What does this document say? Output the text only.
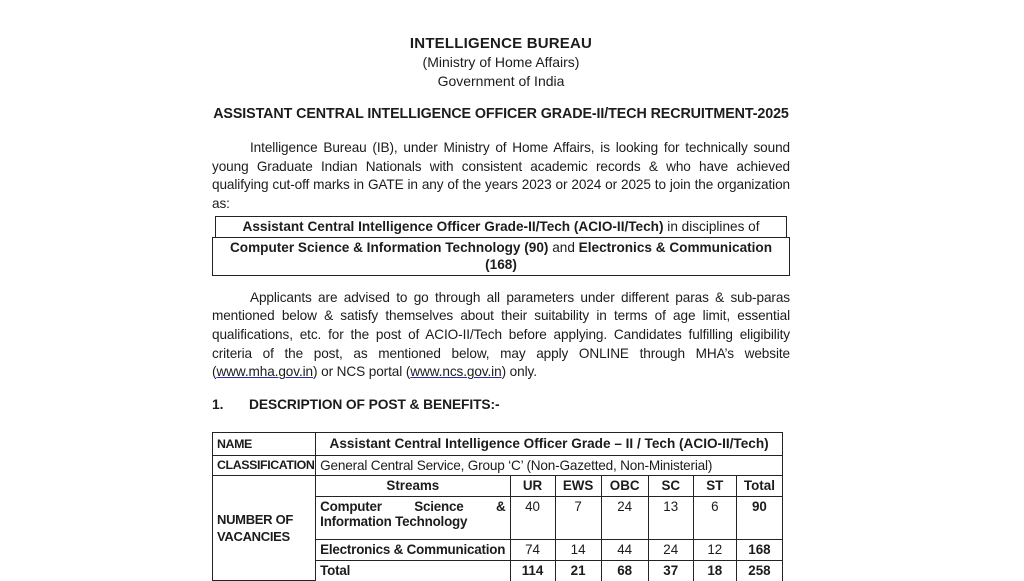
INTELLIGENCE BUREAU
(Ministry of Home Affairs)
Government of India
ASSISTANT CENTRAL INTELLIGENCE OFFICER GRADE-II/TECH RECRUITMENT-2025
Intelligence Bureau (IB), under Ministry of Home Affairs, is looking for technically sound young Graduate Indian Nationals with consistent academic records & who have achieved qualifying cut-off marks in GATE in any of the years 2023 or 2024 or 2025 to join the organization as:
Assistant Central Intelligence Officer Grade-II/Tech (ACIO-II/Tech) in disciplines of
Computer Science & Information Technology (90) and Electronics & Communication (168)
Applicants are advised to go through all parameters under different paras & sub-paras mentioned below & satisfy themselves about their suitability in terms of age limit, essential qualifications, etc. for the post of ACIO-II/Tech before applying. Candidates fulfilling eligibility criteria of the post, as mentioned below, may apply ONLINE through MHA’s website (www.mha.gov.in) or NCS portal (www.ncs.gov.in) only.
1. DESCRIPTION OF POST & BENEFITS:-
NAME	Assistant Central Intelligence Officer Grade – II / Tech (ACIO-II/Tech)						
CLASSIFICATION	General Central Service, Group ‘C’ (Non-Gazetted, Non-Ministerial)						
NUMBER OF VACANCIES	Streams	UR	EWS	OBC	SC	ST	Total
	Computer Science & Information Technology	40	7	24	13	6	90
	Electronics & Communication	74	14	44	24	12	168
	Total	114	21	68	37	18	258
